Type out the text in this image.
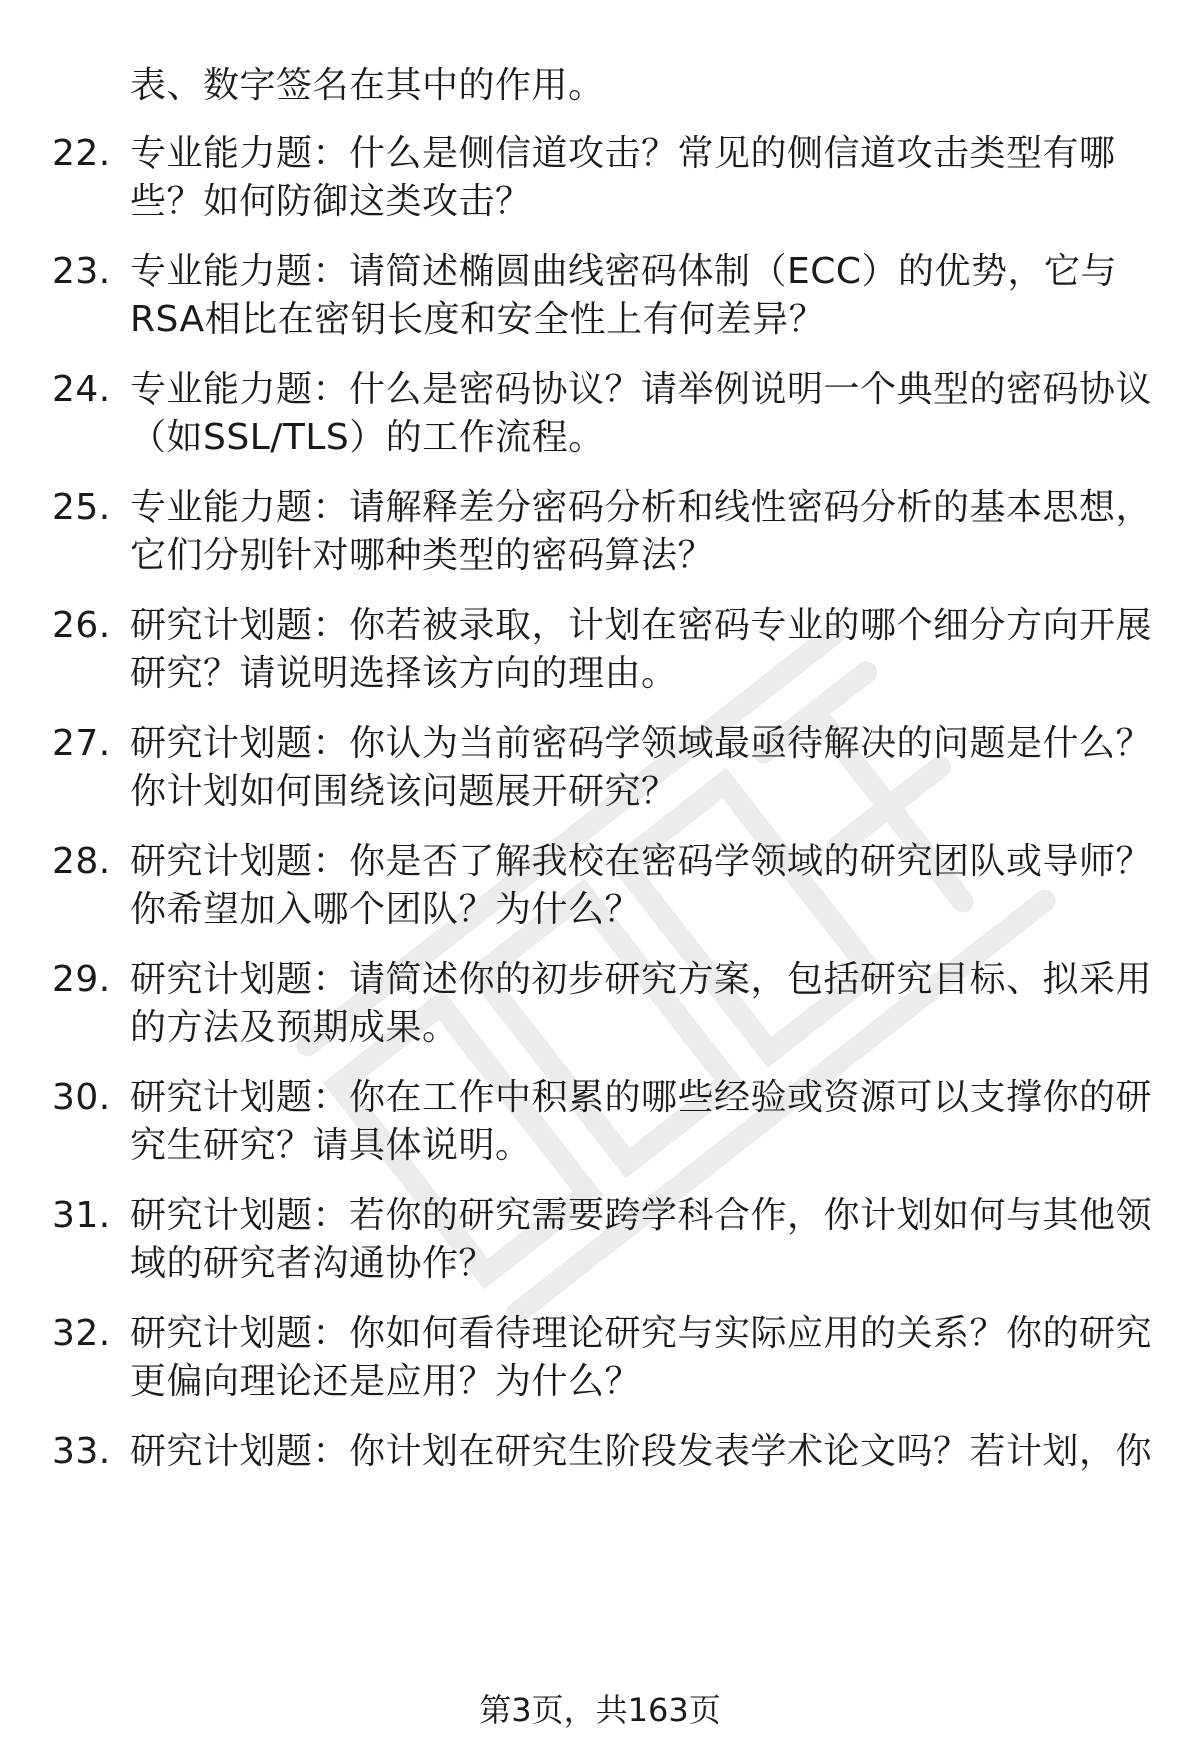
表、数字签名在其中的作用。
22. 专业能力题：什么是侧信道攻击？常见的侧信道攻击类型有哪
些？如何防御这类攻击？
23. 专业能力题：请简述椭圆曲线密码体制（ECC）的优势，它与
RSA相比在密钥长度和安全性上有何差异？
24. 专业能力题：什么是密码协议？请举例说明一个典型的密码协议
（如SSL/TLS）的工作流程。
25. 专业能力题：请解释差分密码分析和线性密码分析的基本思想，
它们分别针对哪种类型的密码算法？
26. 研究计划题：你若被录取，计划在密码专业的哪个细分方向开展
研究？请说明选择该方向的理由。
27. 研究计划题：你认为当前密码学领域最亟待解决的问题是什么？
你计划如何围绕该问题展开研究？
28. 研究计划题：你是否了解我校在密码学领域的研究团队或导师？
你希望加入哪个团队？为什么？
29. 研究计划题：请简述你的初步研究方案，包括研究目标、拟采用
的方法及预期成果。
30. 研究计划题：你在工作中积累的哪些经验或资源可以支撑你的研
究生研究？请具体说明。
31. 研究计划题：若你的研究需要跨学科合作，你计划如何与其他领
域的研究者沟通协作？
32. 研究计划题：你如何看待理论研究与实际应用的关系？你的研究
更偏向理论还是应用？为什么？
33. 研究计划题：你计划在研究生阶段发表学术论文吗？若计划，你
第3页，共163页
